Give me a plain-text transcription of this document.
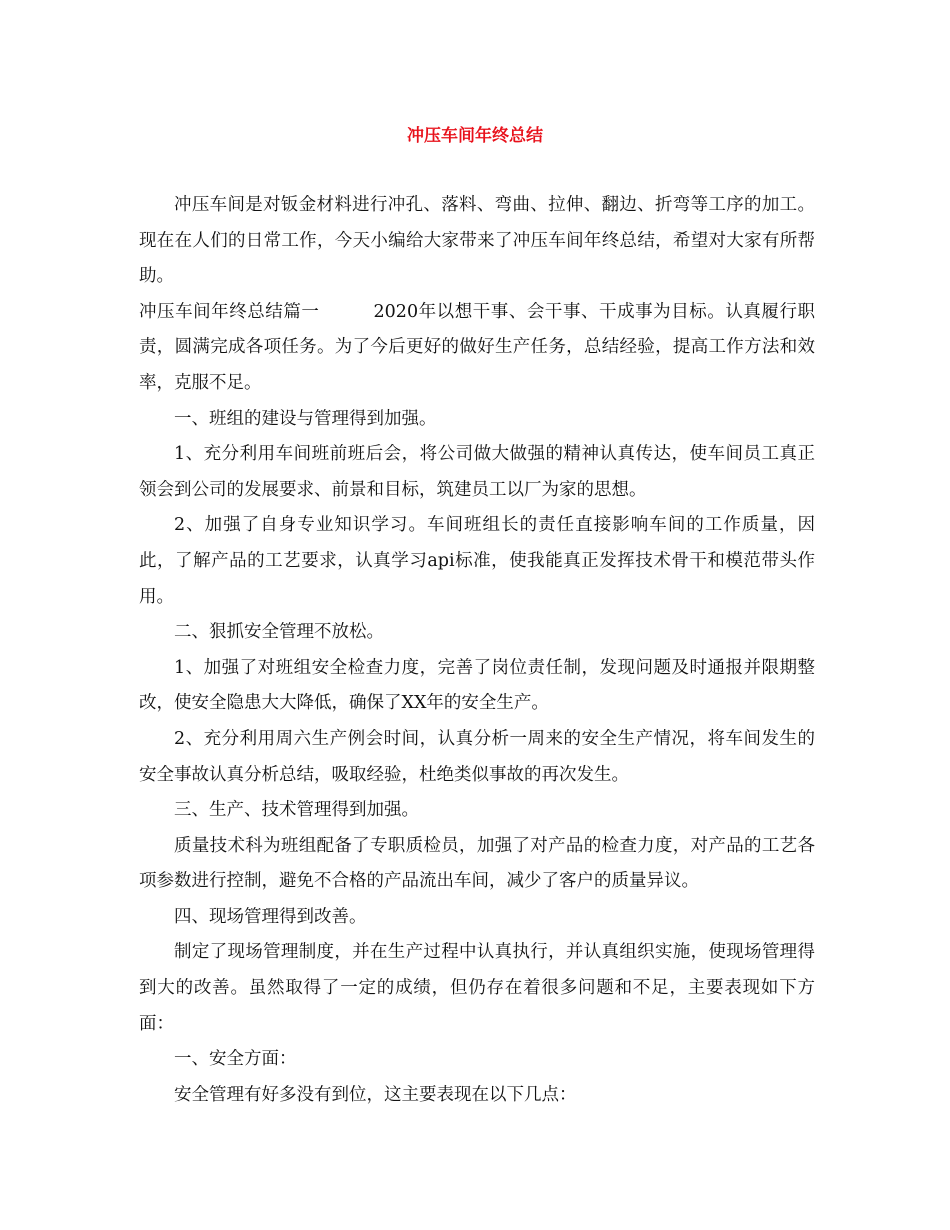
冲压车间年终总结

冲压车间是对钣金材料进行冲孔、落料、弯曲、拉伸、翻边、折弯等工序的加工。现在在人们的日常工作，今天小编给大家带来了冲压车间年终总结，希望对大家有所帮助。

冲压车间年终总结篇一　　　2020年以想干事、会干事、干成事为目标。认真履行职责，圆满完成各项任务。为了今后更好的做好生产任务，总结经验，提高工作方法和效率，克服不足。

一、班组的建设与管理得到加强。

1、充分利用车间班前班后会，将公司做大做强的精神认真传达，使车间员工真正领会到公司的发展要求、前景和目标，筑建员工以厂为家的思想。

2、加强了自身专业知识学习。车间班组长的责任直接影响车间的工作质量，因此，了解产品的工艺要求，认真学习api标准，使我能真正发挥技术骨干和模范带头作用。

二、狠抓安全管理不放松。

1、加强了对班组安全检查力度，完善了岗位责任制，发现问题及时通报并限期整改，使安全隐患大大降低，确保了XX年的安全生产。

2、充分利用周六生产例会时间，认真分析一周来的安全生产情况，将车间发生的安全事故认真分析总结，吸取经验，杜绝类似事故的再次发生。

三、生产、技术管理得到加强。

质量技术科为班组配备了专职质检员，加强了对产品的检查力度，对产品的工艺各项参数进行控制，避免不合格的产品流出车间，减少了客户的质量异议。

四、现场管理得到改善。

制定了现场管理制度，并在生产过程中认真执行，并认真组织实施，使现场管理得到大的改善。虽然取得了一定的成绩，但仍存在着很多问题和不足，主要表现如下方面：

一、安全方面：

安全管理有好多没有到位，这主要表现在以下几点：
